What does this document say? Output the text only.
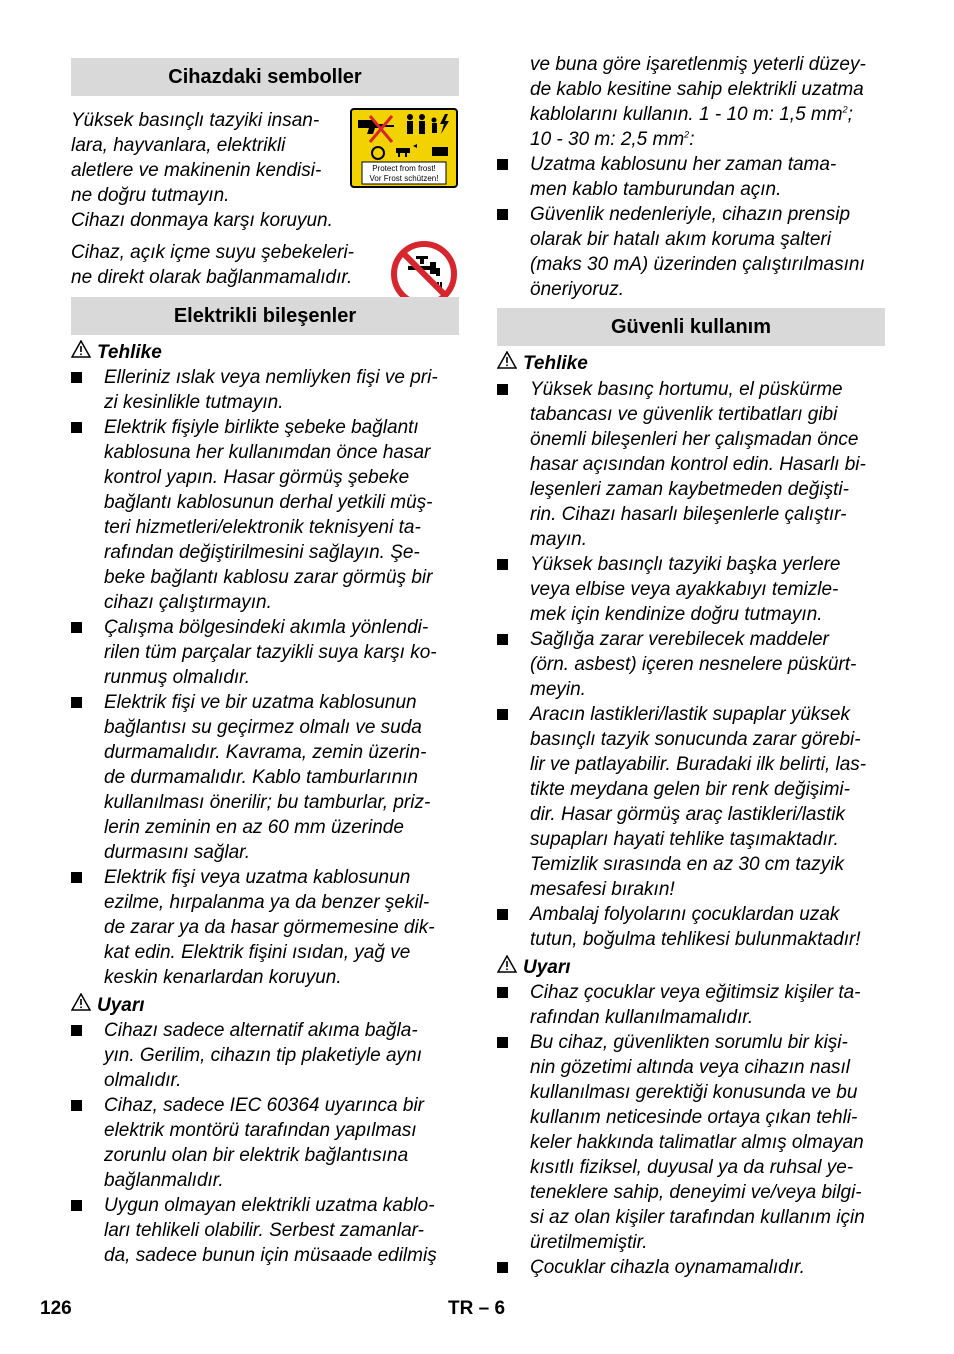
Cihazdaki semboller
Yüksek basınçlı tazyiki insan-
lara, hayvanlara, elektrikli
aletlere ve makinenin kendisi-
ne doğru tutmayın.
Cihazı donmaya karşı koruyun.
Protect from frost!
Vor Frost schützen!
Cihaz, açık içme suyu şebekeleri-
ne direkt olarak bağlanmamalıdır.
Elektrikli bileşenler
Tehlike
Elleriniz ıslak veya nemliyken fişi ve pri-
zi kesinlikle tutmayın.
Elektrik fişiyle birlikte şebeke bağlantı
kablosuna her kullanımdan önce hasar
kontrol yapın. Hasar görmüş şebeke
bağlantı kablosunun derhal yetkili müş-
teri hizmetleri/elektronik teknisyeni ta-
rafından değiştirilmesini sağlayın. Şe-
beke bağlantı kablosu zarar görmüş bir
cihazı çalıştırmayın.
Çalışma bölgesindeki akımla yönlendi-
rilen tüm parçalar tazyikli suya karşı ko-
runmuş olmalıdır.
Elektrik fişi ve bir uzatma kablosunun
bağlantısı su geçirmez olmalı ve suda
durmamalıdır. Kavrama, zemin üzerin-
de durmamalıdır. Kablo tamburlarının
kullanılması önerilir; bu tamburlar, priz-
lerin zeminin en az 60 mm üzerinde
durmasını sağlar.
Elektrik fişi veya uzatma kablosunun
ezilme, hırpalanma ya da benzer şekil-
de zarar ya da hasar görmemesine dik-
kat edin. Elektrik fişini ısıdan, yağ ve
keskin kenarlardan koruyun.
Uyarı
Cihazı sadece alternatif akıma bağla-
yın. Gerilim, cihazın tip plaketiyle aynı
olmalıdır.
Cihaz, sadece IEC 60364 uyarınca bir
elektrik montörü tarafından yapılması
zorunlu olan bir elektrik bağlantısına
bağlanmalıdır.
Uygun olmayan elektrikli uzatma kablo-
ları tehlikeli olabilir. Serbest zamanlar-
da, sadece bunun için müsaade edilmiş
ve buna göre işaretlenmiş yeterli düzey-
de kablo kesitine sahip elektrikli uzatma
kablolarını kullanın. 1 - 10 m: 1,5 $mm^2$;
10 - 30 m: 2,5 $mm^2$:
Uzatma kablosunu her zaman tama-
men kablo tamburundan açın.
Güvenlik nedenleriyle, cihazın prensip
olarak bir hatalı akım koruma şalteri
(maks 30 mA) üzerinden çalıştırılmasını
öneriyoruz.
Güvenli kullanım
Tehlike
Yüksek basınç hortumu, el püskürme
tabancası ve güvenlik tertibatları gibi
önemli bileşenleri her çalışmadan önce
hasar açısından kontrol edin. Hasarlı bi-
leşenleri zaman kaybetmeden değişti-
rin. Cihazı hasarlı bileşenlerle çalıştır-
mayın.
Yüksek basınçlı tazyiki başka yerlere
veya elbise veya ayakkabıyı temizle-
mek için kendinize doğru tutmayın.
Sağlığa zarar verebilecek maddeler
(örn. asbest) içeren nesnelere püskürt-
meyin.
Aracın lastikleri/lastik supaplar yüksek
basınçlı tazyik sonucunda zarar görebi-
lir ve patlayabilir. Buradaki ilk belirti, las-
tikte meydana gelen bir renk değişimi-
dir. Hasar görmüş araç lastikleri/lastik
supapları hayati tehlike taşımaktadır.
Temizlik sırasında en az 30 cm tazyik
mesafesi bırakın!
Ambalaj folyolarını çocuklardan uzak
tutun, boğulma tehlikesi bulunmaktadır!
Uyarı
Cihaz çocuklar veya eğitimsiz kişiler ta-
rafından kullanılmamalıdır.
Bu cihaz, güvenlikten sorumlu bir kişi-
nin gözetimi altında veya cihazın nasıl
kullanılması gerektiği konusunda ve bu
kullanım neticesinde ortaya çıkan tehli-
keler hakkında talimatlar almış olmayan
kısıtlı fiziksel, duyusal ya da ruhsal ye-
teneklere sahip, deneyimi ve/veya bilgi-
si az olan kişiler tarafından kullanım için
üretilmemiştir.
Çocuklar cihazla oynamamalıdır.
126	TR – 6
